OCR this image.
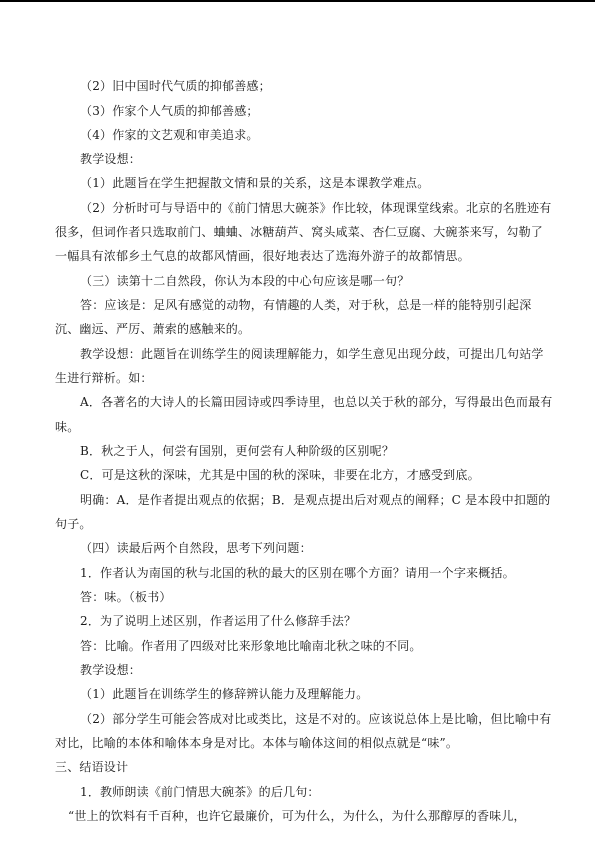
（2）旧中国时代气质的抑郁善感；
（3）作家个人气质的抑郁善感；
（4）作家的文艺观和审美追求。
教学设想：
（1）此题旨在学生把握散文情和景的关系，这是本课教学难点。
（2）分析时可与导语中的《前门情思大碗茶》作比较，体现课堂线索。北京的名胜迹有
很多，但词作者只选取前门、蛐蛐、冰糖葫芦、窝头咸菜、杏仁豆腐、大碗茶来写，勾勒了
一幅具有浓郁乡土气息的故都风情画，很好地表达了选海外游子的故都情思。
（三）读第十二自然段，你认为本段的中心句应该是哪一句？
答：应该是：足风有感觉的动物，有情趣的人类，对于秋，总是一样的能特别引起深
沉、幽远、严厉、萧索的感触来的。
教学设想：此题旨在训练学生的阅读理解能力，如学生意见出现分歧，可提出几句站学
生进行辩析。如：
A．各著名的大诗人的长篇田园诗或四季诗里，也总以关于秋的部分，写得最出色而最有
味。
B．秋之于人，何尝有国别，更何尝有人种阶级的区别呢？
C．可是这秋的深味，尤其是中国的秋的深味，非要在北方，才感受到底。
明确：A．是作者提出观点的依据；B．是观点提出后对观点的阐释；C 是本段中扣题的
句子。
（四）读最后两个自然段，思考下列问题：
1．作者认为南国的秋与北国的秋的最大的区别在哪个方面？请用一个字来概括。
答：味。（板书）
2．为了说明上述区别，作者运用了什么修辞手法？
答：比喻。作者用了四级对比来形象地比喻南北秋之味的不同。
教学设想：
（1）此题旨在训练学生的修辞辨认能力及理解能力。
（2）部分学生可能会答成对比或类比，这是不对的。应该说总体上是比喻，但比喻中有
对比，比喻的本体和喻体本身是对比。本体与喻体这间的相似点就是“味”。
三、结语设计
1．教师朗读《前门情思大碗茶》的后几句：
“世上的饮料有千百种，也许它最廉价，可为什么，为什么，为什么那醇厚的香味儿，
